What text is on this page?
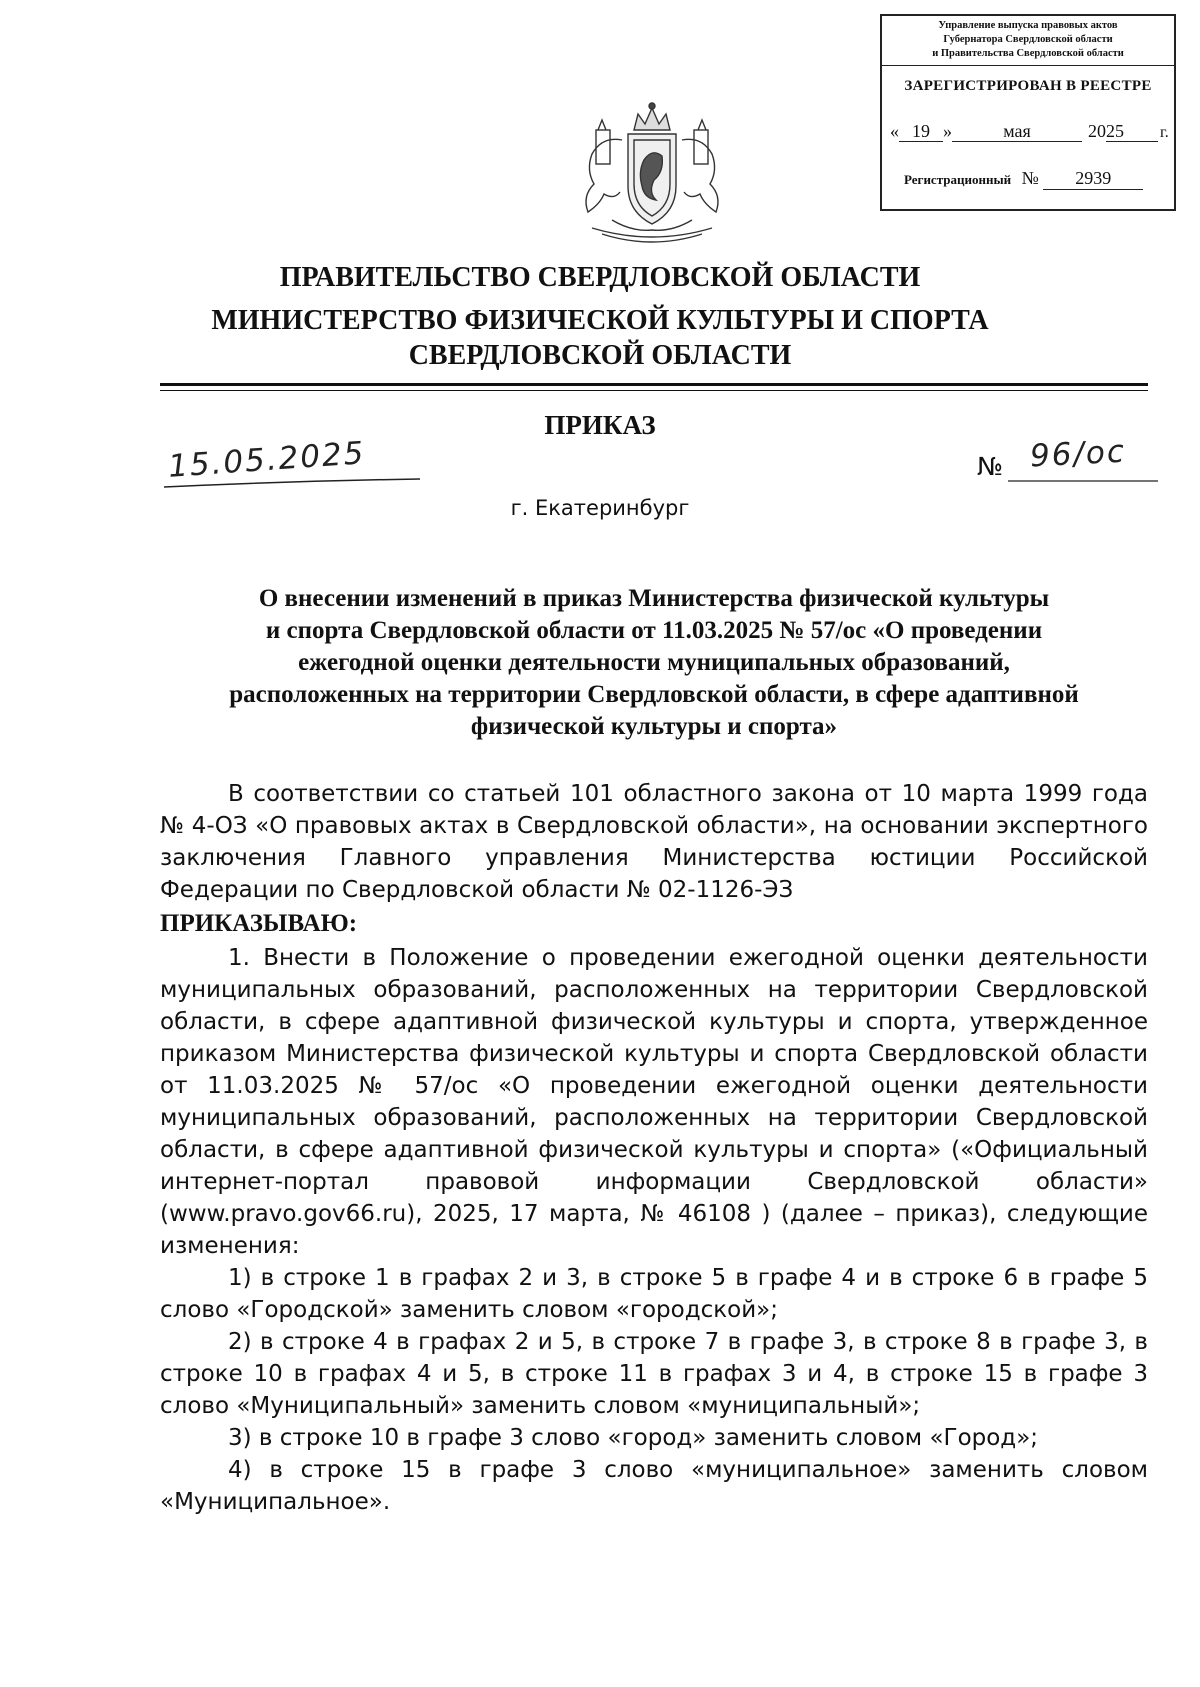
Управление выпуска правовых актов
Губернатора Свердловской области
и Правительства Свердловской области
ЗАРЕГИСТРИРОВАН В РЕЕСТРЕ
« 19 »	мая	2025 г.
Регистрационный № 2939
ПРАВИТЕЛЬСТВО СВЕРДЛОВСКОЙ ОБЛАСТИ
МИНИСТЕРСТВО ФИЗИЧЕСКОЙ КУЛЬТУРЫ И СПОРТА
СВЕРДЛОВСКОЙ ОБЛАСТИ
ПРИКАЗ
15.05.2025	№ 96/ос
г. Екатеринбург
О внесении изменений в приказ Министерства физической культуры
и спорта Свердловской области от 11.03.2025 № 57/ос «О проведении
ежегодной оценки деятельности муниципальных образований,
расположенных на территории Свердловской области, в сфере адаптивной
физической культуры и спорта»

В соответствии со статьей 101 областного закона от 10 марта 1999 года № 4-ОЗ «О правовых актах в Свердловской области», на основании экспертного заключения Главного управления Министерства юстиции Российской Федерации по Свердловской области № 02-1126-ЭЗ

ПРИКАЗЫВАЮ:

1. Внести в Положение о проведении ежегодной оценки деятельности муниципальных образований, расположенных на территории Свердловской области, в сфере адаптивной физической культуры и спорта, утвержденное приказом Министерства физической культуры и спорта Свердловской области от 11.03.2025 № 57/ос «О проведении ежегодной оценки деятельности муниципальных образований, расположенных на территории Свердловской области, в сфере адаптивной физической культуры и спорта» («Официальный интернет-портал правовой информации Свердловской области» (www.pravo.gov66.ru), 2025, 17 марта, № 46108 ) (далее – приказ), следующие изменения:

1) в строке 1 в графах 2 и 3, в строке 5 в графе 4 и в строке 6 в графе 5 слово «Городской» заменить словом «городской»;

2) в строке 4 в графах 2 и 5, в строке 7 в графе 3, в строке 8 в графе 3, в строке 10 в графах 4 и 5, в строке 11 в графах 3 и 4, в строке 15 в графе 3 слово «Муниципальный» заменить словом «муниципальный»;

3) в строке 10 в графе 3 слово «город» заменить словом «Город»;

4) в строке 15 в графе 3 слово «муниципальное» заменить словом «Муниципальное».
